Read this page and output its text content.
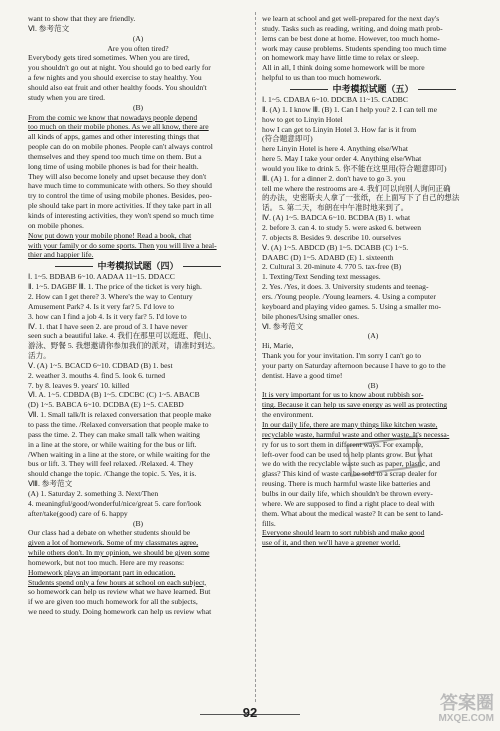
want to show that they are friendly.
Ⅵ. 参考范文
(A)
Are you often tired?
Everybody gets tired sometimes. When you are tired,
you shouldn't go out at night. You should go to bed early for
a few nights and you should exercise to stay healthy. You
should also eat fruit and other healthy foods. You shouldn't
study when you are tired.
(B)
From the comic we know that nowadays people depend
too much on their mobile phones. As we all know, there are
all kinds of apps, games and other interesting things that
people can do on mobile phones. People can't always control
themselves and they spend too much time on them. But a
long time of using mobile phones is bad for their health.
They will also become lonely and upset because they don't
have much time to communicate with others. So they should
try to control the time of using mobile phones. Besides, peo-
ple should take part in more activities. If they take part in all
kinds of interesting activities, they won't spend so much time
on mobile phones.
Now put down your mobile phone! Read a book, chat
with your family or do some sports. Then you will live a heal-
thier and happier life.
中考模拟试题（四）
Ⅰ. 1~5. BDBAB 6~10. AADAA 11~15. DDACC
Ⅱ. 1~5. DAGBF Ⅲ. 1. The price of the ticket is very high.
2. How can I get there? 3. Where's the way to Century
Amusement Park? 4. Is it very far? 5. I'd love to
3. how can I find a job 4. Is it very far? 5. I'd love to
Ⅳ. 1. that I have seen 2. are proud of 3. I have never
seen such a beautiful lake. 4. 我们在那里可以逛逛、爬山、
游泳、野餐 5. 我想邀请你参加我们的派对，请准时到达。
活力。
Ⅴ. (A) 1~5. BCACD 6~10. CDBAD (B) 1. best
2. weather 3. mouths 4. find 5. look 6. turned
7. by 8. leaves 9. years' 10. killed
Ⅵ. A. 1~5. CDBDA (B) 1~5. CDCBC (C) 1~5. ABACB
(D) 1~5. BABCA 6~10. DCDBA (E) 1~5. CAEBD
Ⅶ. 1. Small talk/It is relaxed conversation that people make
to pass the time. /Relaxed conversation that people make to
pass the time. 2. They can make small talk when waiting
in a line at the store, or while waiting for the bus or lift.
/When waiting in a line at the store, or while waiting for the
bus or lift. 3. They will feel relaxed. /Relaxed. 4. They
should change the topic. /Change the topic. 5. Yes, it is.
Ⅷ. 参考范文
(A) 1. Saturday 2. something 3. Next/Then
4. meaningful/good/wonderful/nice/great 5. care for/look
after/take(good) care of 6. happy
(B)
Our class had a debate on whether students should be
given a lot of homework. Some of my classmates agree,
while others don't. In my opinion, we should be given some
homework, but not too much. Here are my reasons:
Homework plays an important part in education.
Students spend only a few hours at school on each subject,
so homework can help us review what we have learned. But
if we are given too much homework for all the subjects,
we need to study. Doing homework can help us review what
we learn at school and get well-prepared for the next day's
study. Tasks such as reading, writing, and doing math prob-
lems can be best done at home. However, too much home-
work may cause problems. Students spending too much time
on homework may have little time to relax or sleep.
All in all, I think doing some homework will be more
helpful to us than too much homework.
中考模拟试题（五）
Ⅰ. 1~5. CDABA 6~10. DDCBA 11~15. CADBC
Ⅱ. (A) 1. I know Ⅲ. (B) 1. Can I help you? 2. I can tell me
how to get to Linyin Hotel
how I can get to Linyin Hotel 3. How far is it from
(符合题意即可)
here Linyin Hotel is here 4. Anything else/What
here 5. May I take your order 4. Anything else/What
would you like to drink 5. 你不能在这里用(符合题意即可)
Ⅲ. (A) 1. for a dinner 2. don't have to go 3. you
tell me where the restrooms are 4. 我们可以向别人询问正确
的办法，史密斯夫人拿了一张纸，在上面写下了自己的想法
话。 5. 第二天，布朗在中午准时地来到了。
Ⅳ. (A) 1~5. BADCA 6~10. BCDBA (B) 1. what
2. before 3. can 4. to study 5. were asked 6. between
7. objects 8. Besides 9. describe 10. ourselves
Ⅴ. (A) 1~5. ABDCD (B) 1~5. DCABB (C) 1~5.
DAABC (D) 1~5. ADABD (E) 1. sixteenth
2. Cultural 3. 20-minute 4. 770 5. tax-free (B)
1. Texting/Text Sending text messages.
2. Yes. /Yes, it does. 3. University students and teenag-
ers. /Young people. /Young learners. 4. Using a computer
keyboard and playing video games. 5. Using a smaller mo-
bile phones/Using smaller ones.
Ⅵ. 参考范文
(A)
Hi, Marie,
Thank you for your invitation. I'm sorry I can't go to
your party on Saturday afternoon because I have to go to the
dentist. Have a good time!
(B)
It is very important for us to know about rubbish sor-
ting. Because it can help us save energy as well as protecting
the environment.
In our daily life, there are many things like kitchen waste,
recyclable waste, harmful waste and other waste. It's necessa-
ry for us to sort them in different ways. For example,
left-over food can be used to help plants grow. But what
we do with the recyclable waste such as paper, plastic, and
glass? This kind of waste can be sold to a scrap dealer for
reusing. There is much harmful waste like batteries and
bulbs in our daily life, which shouldn't be thrown every-
where. We are supposed to find a right place to deal with
them. What about the medical waste? It can be sent to land-
fills.
Everyone should learn to sort rubbish and make good
use of it, and then we'll have a greener world.
92	答案圈
MXQE.COM
